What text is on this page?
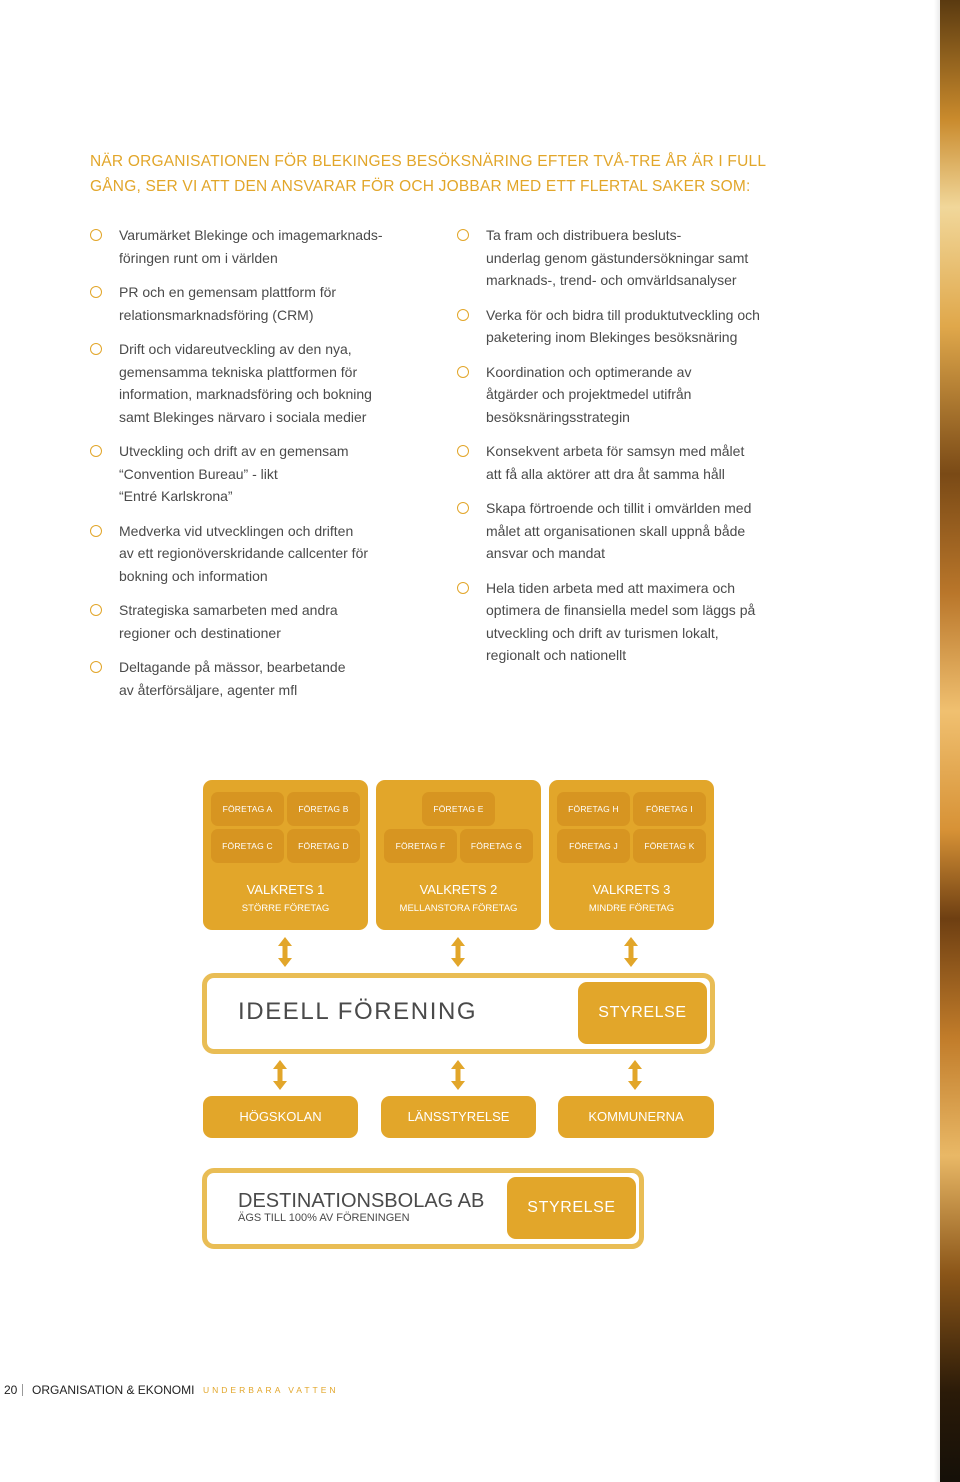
NÄR ORGANISATIONEN FÖR BLEKINGES BESÖKSNÄRING EFTER TVÅ-TRE ÅR ÄR I FULL
GÅNG, SER VI ATT DEN ANSVARAR FÖR OCH JOBBAR MED ETT FLERTAL SAKER SOM:
Varumärket Blekinge och imagemarknads-
föringen runt om i världen
PR och en gemensam plattform för
relationsmarknadsföring (CRM)
Drift och vidareutveckling av den nya,
gemensamma tekniska plattformen för
information, marknadsföring och bokning
samt Blekinges närvaro i sociala medier
Utveckling och drift av en gemensam
“Convention Bureau” - likt
“Entré Karlskrona”
Medverka vid utvecklingen och driften
av ett regionöverskridande callcenter för
bokning och information
Strategiska samarbeten med andra
regioner och destinationer
Deltagande på mässor, bearbetande
av återförsäljare, agenter mfl
Ta fram och distribuera besluts-
underlag genom gästundersökningar samt
marknads-, trend- och omvärldsanalyser
Verka för och bidra till produktutveckling och
paketering inom Blekinges besöksnäring
Koordination och optimerande av
åtgärder och projektmedel utifrån
besöksnäringsstrategin
Konsekvent arbeta för samsyn med målet
att få alla aktörer att dra åt samma håll
Skapa förtroende och tillit i omvärlden med
målet att organisationen skall uppnå både
ansvar och mandat
Hela tiden arbeta med att maximera och
optimera de finansiella medel som läggs på
utveckling och drift av turismen lokalt,
regionalt och nationellt
FÖRETAG A	FÖRETAG B
FÖRETAG C	FÖRETAG D
VALKRETS 1
STÖRRE FÖRETAG
FÖRETAG E
FÖRETAG F	FÖRETAG G
VALKRETS 2
MELLANSTORA FÖRETAG
FÖRETAG H	FÖRETAG I
FÖRETAG J	FÖRETAG K
VALKRETS 3
MINDRE FÖRETAG
IDEELL FÖRENING	STYRELSE
HÖGSKOLAN	LÄNSSTYRELSE	KOMMUNERNA
DESTINATIONSBOLAG AB
ÄGS TILL 100% AV FÖRENINGEN
STYRELSE
20 ORGANISATION & EKONOMI UNDERBARA VATTEN
